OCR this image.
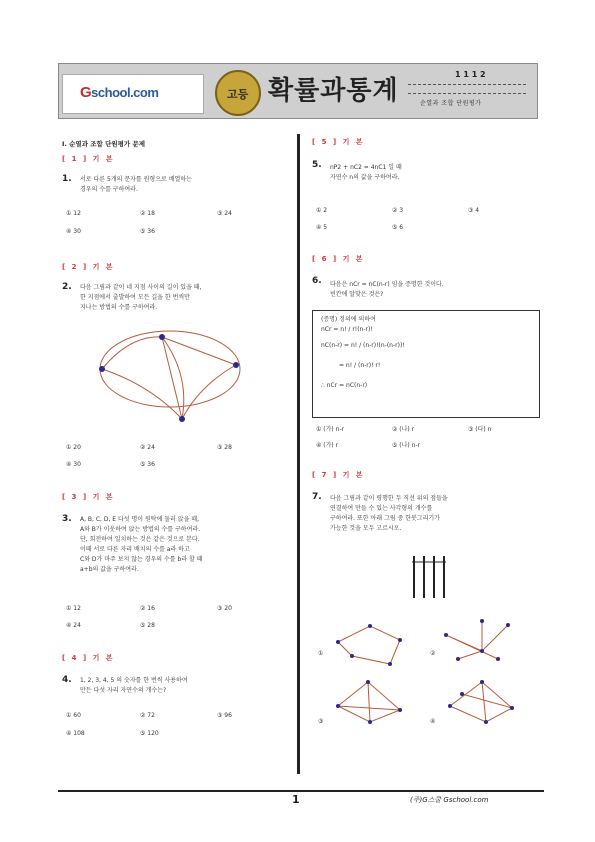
Gschool.com	고등 확률과통계
1 1 1 2
순열과 조합 단원평가
I. 순열과 조합 단원평가 문제
[ 1 ] 기 본
1. 서로 다른 5개의 문자를 원형으로 배열하는
경우의 수를 구하여라.
① 12	② 18	③ 24
④ 30	⑤ 36
[ 2 ] 기 본
2. 다음 그림과 같이 네 지점 사이의 길이 있을 때,
한 지점에서 출발하여 모든 길을 한 번씩만
지나는 방법의 수를 구하여라.
① 20	② 24	③ 28
④ 30	⑤ 36
[ 3 ] 기 본
3. A, B, C, D, E 다섯 명이 원탁에 둘러 앉을 때,
A와 B가 이웃하여 앉는 방법의 수를 구하여라.
단, 회전하여 일치하는 것은 같은 것으로 본다.
이때 서로 다른 자리 배치의 수를 a라 하고
C와 D가 마주 보지 않는 경우의 수를 b라 할 때
a+b의 값을 구하여라.
① 12	② 16	③ 20
④ 24	⑤ 28
[ 4 ] 기 본
4. 1, 2, 3, 4, 5 의 숫자를 한 번씩 사용하여
만든 다섯 자리 자연수의 개수는?
① 60	② 72	③ 96
④ 108	⑤ 120
[ 5 ] 기 본
5. nP2 + nC2 = 4nC1 일 때
자연수 n의 값을 구하여라.
① 2	② 3	③ 4
④ 5	⑤ 6
[ 6 ] 기 본
6. 다음은 nCr = nC(n-r) 임을 증명한 것이다.
빈칸에 알맞은 것은?
(증명) 정의에 의하여
nCr = n! / r!(n-r)!
nC(n-r) = n! / (n-r)!(n-(n-r))!
= n! / (n-r)! r!
∴ nCr = nC(n-r)
① (가) n-r	② (나) r	③ (다) n
④ (가) r	⑤ (나) n-r
[ 7 ] 기 본
7. 다음 그림과 같이 평행한 두 직선 위의 점들을
연결하여 만들 수 있는 사각형의 개수를
구하여라. 또한 아래 그림 중 한붓그리기가
가능한 것을 모두 고르시오.
①	②
③	④
1	(주)G스쿨 Gschool.com
